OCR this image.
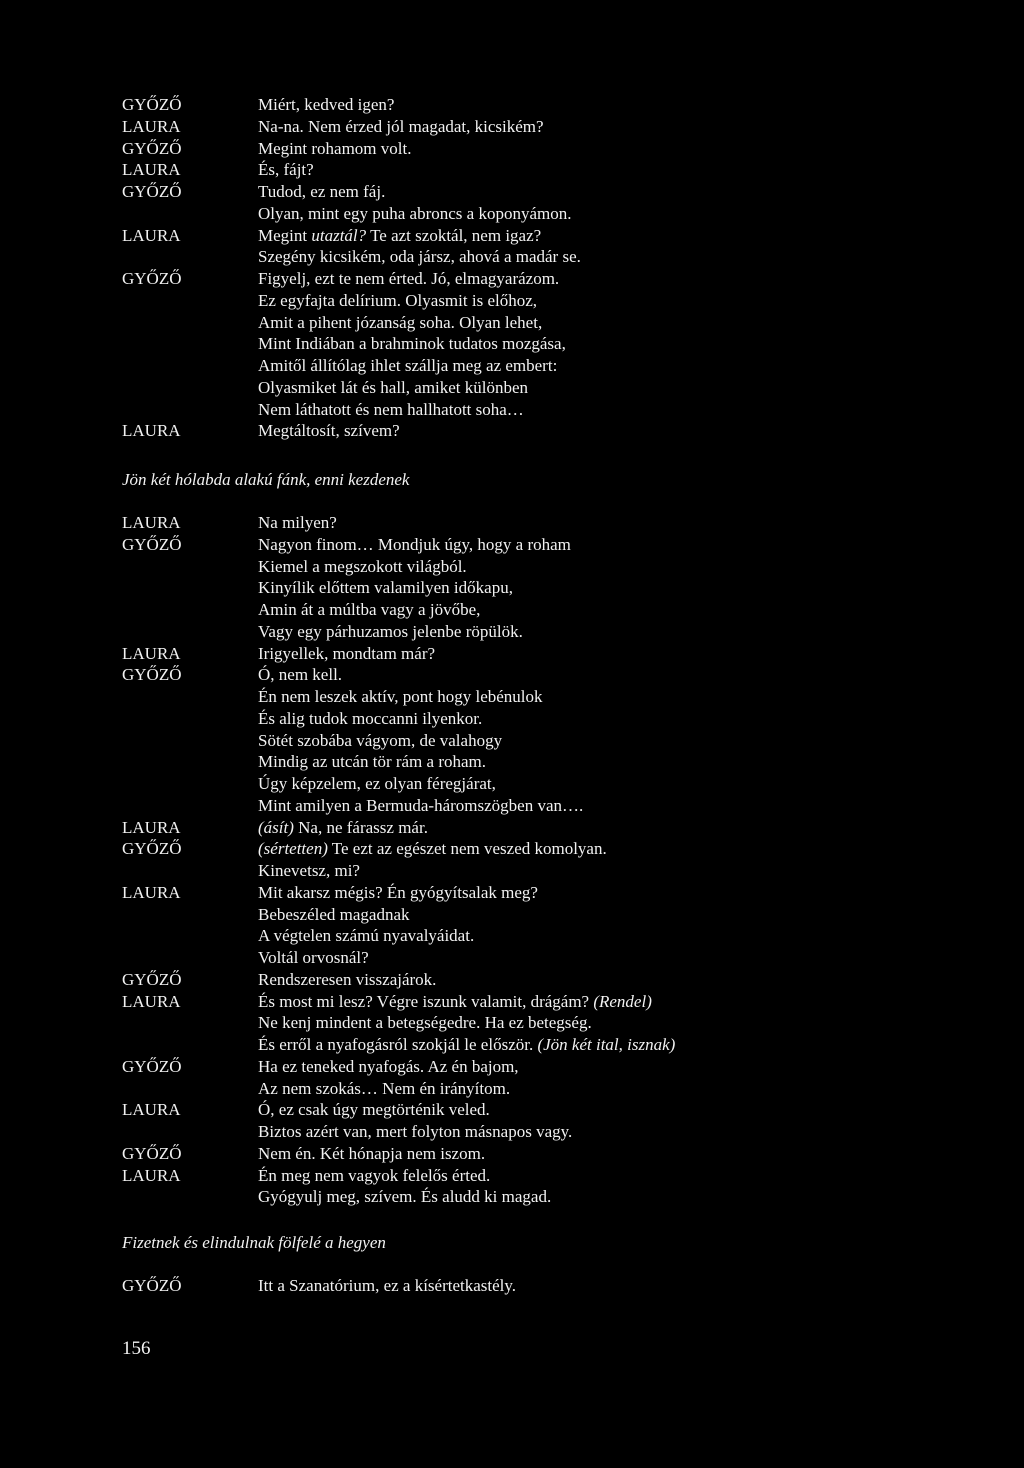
GYŐZŐ	Miért, kedved igen?
LAURA	Na-na. Nem érzed jól magadat, kicsikém?
GYŐZŐ	Megint rohamom volt.
LAURA	És, fájt?
GYŐZŐ	Tudod, ez nem fáj.
Olyan, mint egy puha abroncs a koponyámon.
LAURA	Megint utaztál? Te azt szoktál, nem igaz?
Szegény kicsikém, oda jársz, ahová a madár se.
GYŐZŐ	Figyelj, ezt te nem érted. Jó, elmagyarázom.
Ez egyfajta delírium. Olyasmit is előhoz,
Amit a pihent józanság soha. Olyan lehet,
Mint Indiában a brahminok tudatos mozgása,
Amitől állítólag ihlet szállja meg az embert:
Olyasmiket lát és hall, amiket különben
Nem láthatott és nem hallhatott soha…
LAURA	Megtáltosít, szívem?
Jön két hólabda alakú fánk, enni kezdenek
LAURA	Na milyen?
GYŐZŐ	Nagyon finom… Mondjuk úgy, hogy a roham
Kiemel a megszokott világból.
Kinyílik előttem valamilyen időkapu,
Amin át a múltba vagy a jövőbe,
Vagy egy párhuzamos jelenbe röpülök.
LAURA	Irigyellek, mondtam már?
GYŐZŐ	Ó, nem kell.
Én nem leszek aktív, pont hogy lebénulok
És alig tudok moccanni ilyenkor.
Sötét szobába vágyom, de valahogy
Mindig az utcán tör rám a roham.
Úgy képzelem, ez olyan féregjárat,
Mint amilyen a Bermuda-háromszögben van….
LAURA	(ásít) Na, ne fárassz már.
GYŐZŐ	(sértetten) Te ezt az egészet nem veszed komolyan.
Kinevetsz, mi?
LAURA	Mit akarsz mégis? Én gyógyítsalak meg?
Bebeszéled magadnak
A végtelen számú nyavalyáidat.
Voltál orvosnál?
GYŐZŐ	Rendszeresen visszajárok.
LAURA	És most mi lesz? Végre iszunk valamit, drágám? (Rendel)
Ne kenj mindent a betegségedre. Ha ez betegség.
És erről a nyafogásról szokjál le először. (Jön két ital, isznak)
GYŐZŐ	Ha ez teneked nyafogás. Az én bajom,
Az nem szokás… Nem én irányítom.
LAURA	Ó, ez csak úgy megtörténik veled.
Biztos azért van, mert folyton másnapos vagy.
GYŐZŐ	Nem én. Két hónapja nem iszom.
LAURA	Én meg nem vagyok felelős érted.
Gyógyulj meg, szívem. És aludd ki magad.
Fizetnek és elindulnak fölfelé a hegyen
GYŐZŐ	Itt a Szanatórium, ez a kísértetkastély.
156
